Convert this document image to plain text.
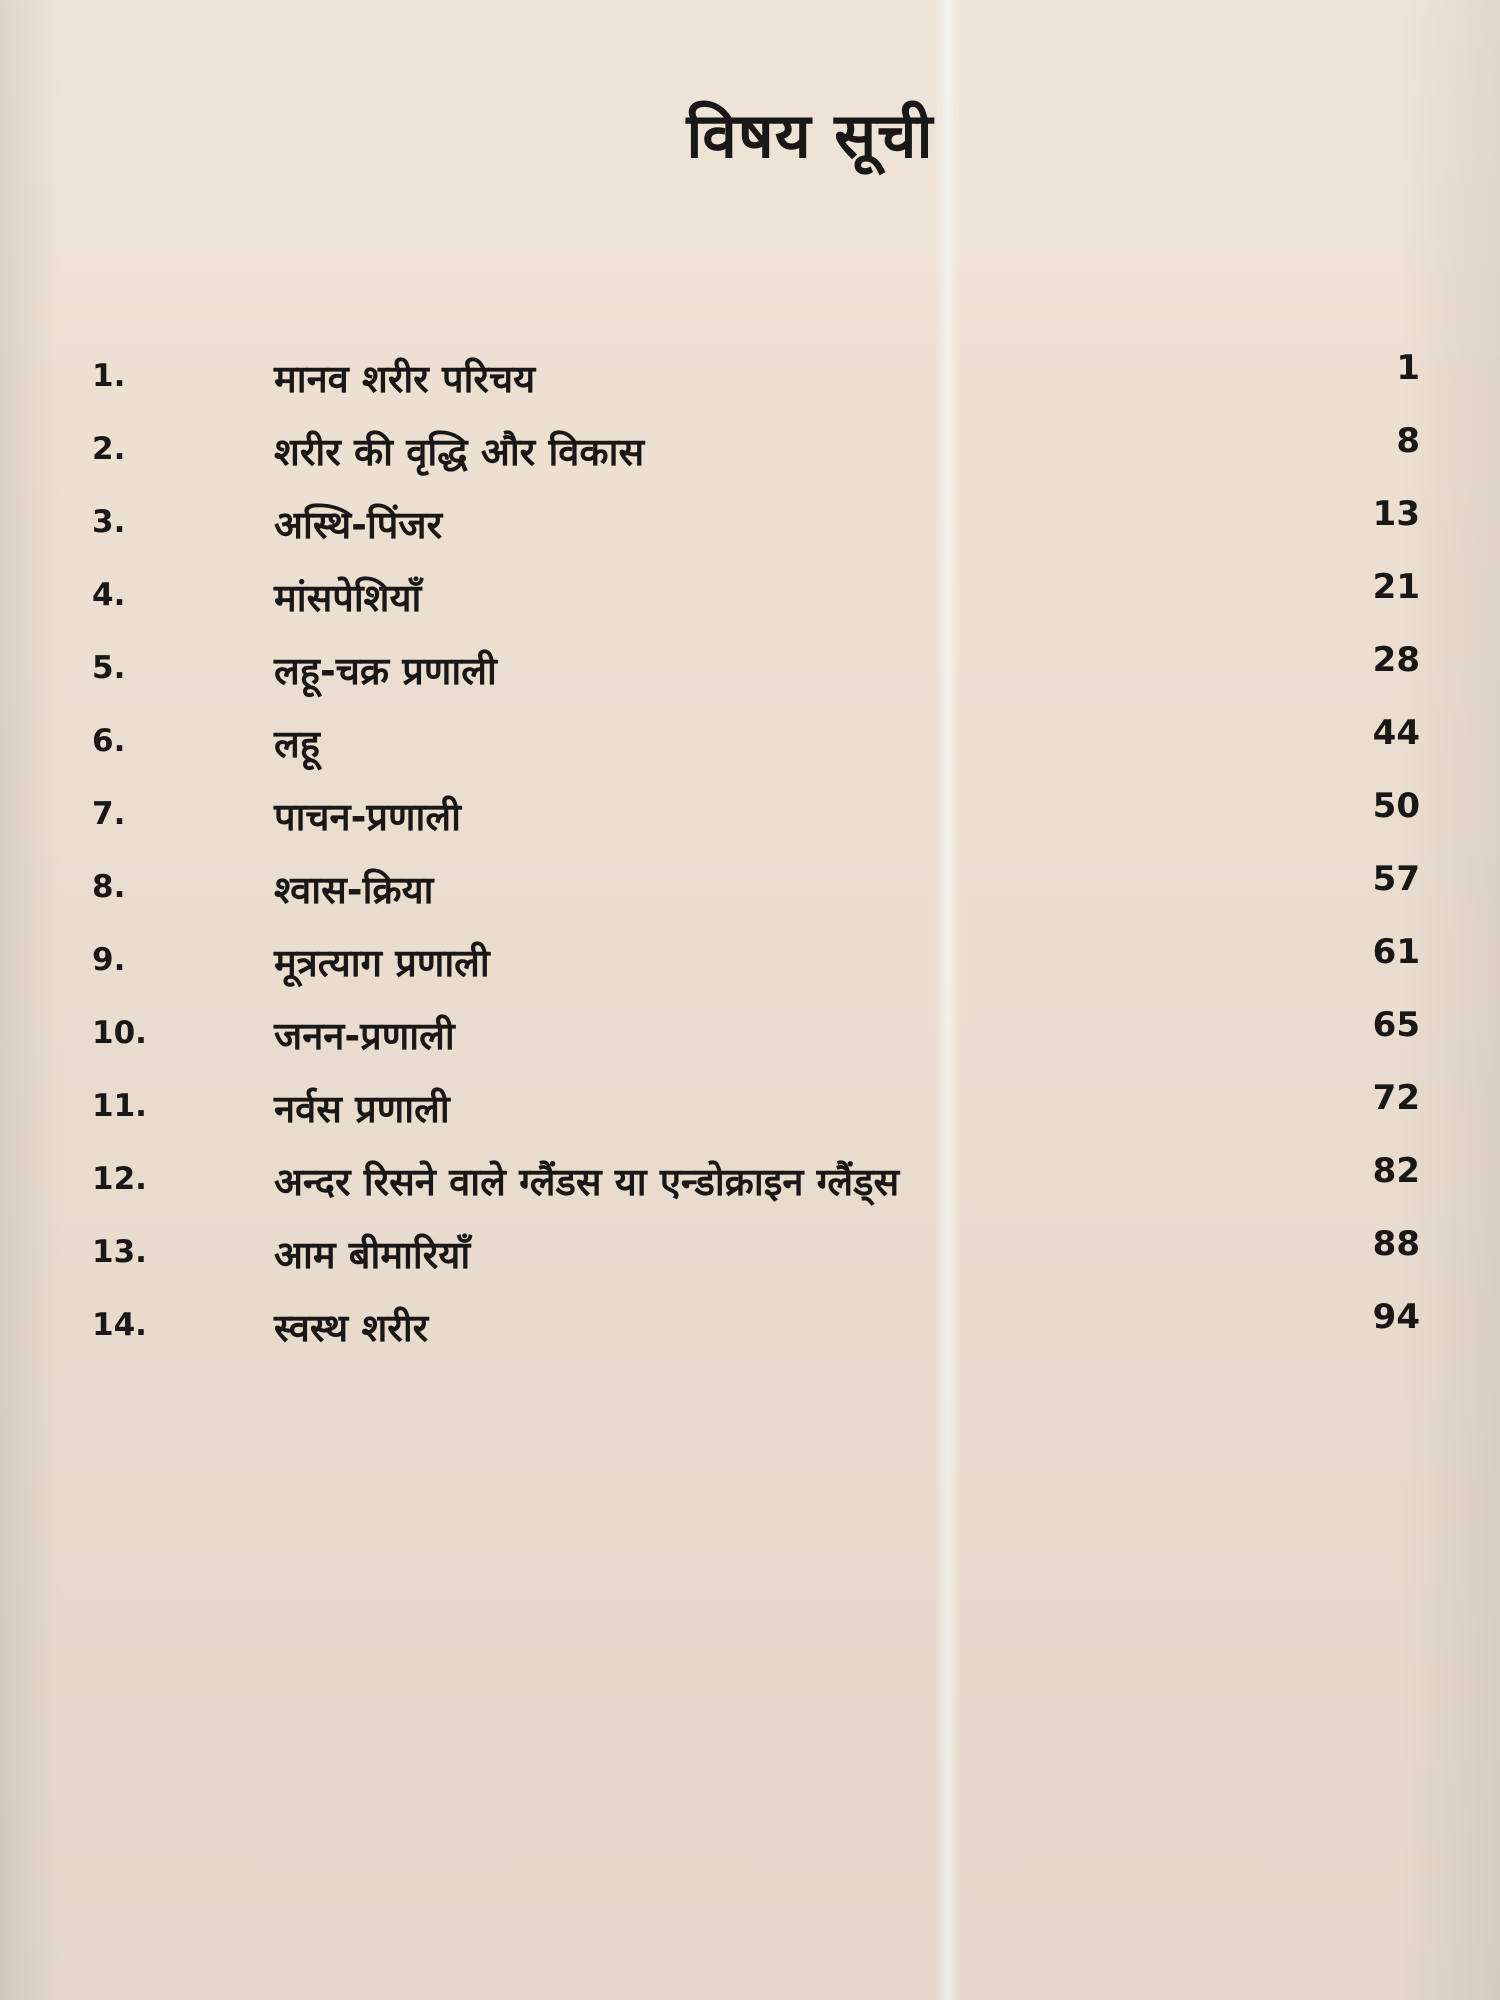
विषय सूची
1.	मानव शरीर परिचय	1
2.	शरीर की वृद्धि और विकास	8
3.	अस्थि-पिंजर	13
4.	मांसपेशियाँ	21
5.	लहू-चक्र प्रणाली	28
6.	लहू	44
7.	पाचन-प्रणाली	50
8.	श्वास-क्रिया	57
9.	मूत्रत्याग प्रणाली	61
10.	जनन-प्रणाली	65
11.	नर्वस प्रणाली	72
12.	अन्दर रिसने वाले ग्लैंडस या एन्डोक्राइन ग्लैंड्स	82
13.	आम बीमारियाँ	88
14.	स्वस्थ शरीर	94
